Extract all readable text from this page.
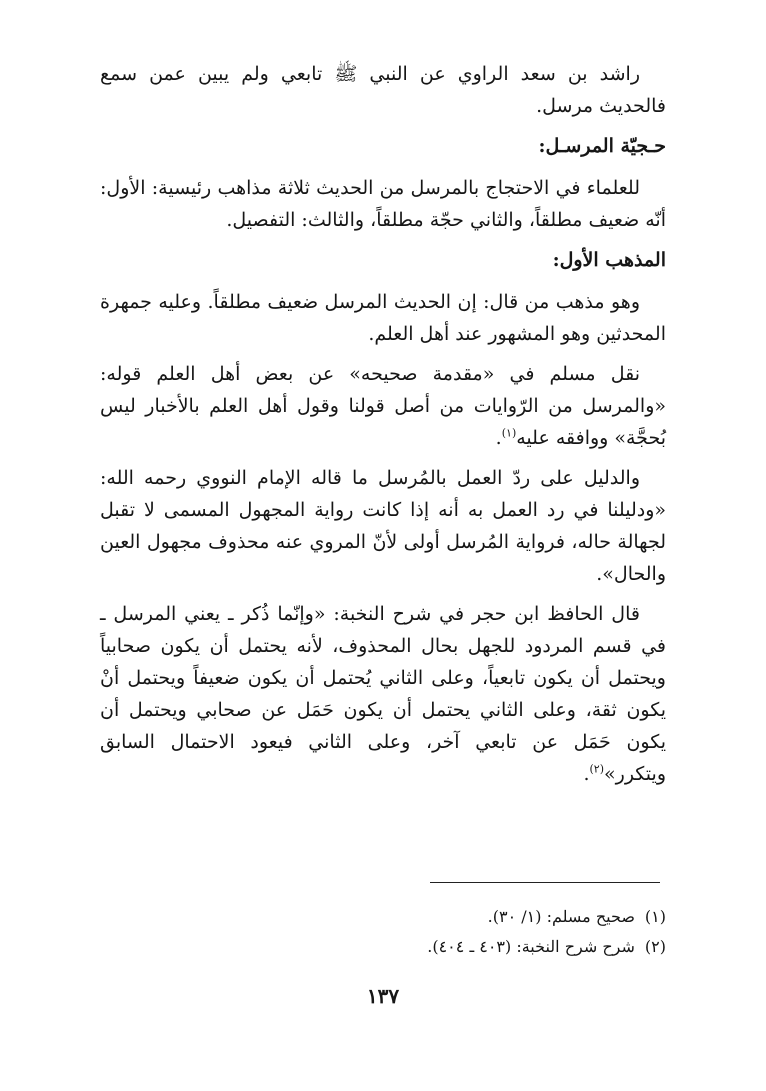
راشد بن سعد الراوي عن النبي ﷺ تابعي ولم يبين عمن سمع فالحديث مرسل.

حـجيّة المرسـل:

للعلماء في الاحتجاج بالمرسل من الحديث ثلاثة مذاهب رئيسية: الأول: أنّه ضعيف مطلقاً، والثاني حجّة مطلقاً، والثالث: التفصيل.

المذهب الأول:

وهو مذهب من قال: إن الحديث المرسل ضعيف مطلقاً. وعليه جمهرة المحدثين وهو المشهور عند أهل العلم.

نقل مسلم في «مقدمة صحيحه» عن بعض أهل العلم قوله: «والمرسل من الرّوايات من أصل قولنا وقول أهل العلم بالأخبار ليس بُحجَّة» ووافقه عليه$^{(١)}$.

والدليل على ردّ العمل بالمُرسل ما قاله الإمام النووي رحمه الله: «ودليلنا في رد العمل به أنه إذا كانت رواية المجهول المسمى لا تقبل لجهالة حاله، فرواية المُرسل أولى لأنّ المروي عنه محذوف مجهول العين والحال».

قال الحافظ ابن حجر في شرح النخبة: «وإنّما ذُكر ـ يعني المرسل ـ في قسم المردود للجهل بحال المحذوف، لأنه يحتمل أن يكون صحابياً ويحتمل أن يكون تابعياً، وعلى الثاني يُحتمل أن يكون ضعيفاً ويحتمل أنْ يكون ثقة، وعلى الثاني يحتمل أن يكون حَمَل عن صحابي ويحتمل أن يكون حَمَل عن تابعي آخر، وعلى الثاني فيعود الاحتمال السابق ويتكرر»$^{(٢)}$.

(١)صحيح مسلم: (١/ ٣٠).
(٢)شرح شرح النخبة: (٤٠٣ ـ ٤٠٤).
١٣٧
